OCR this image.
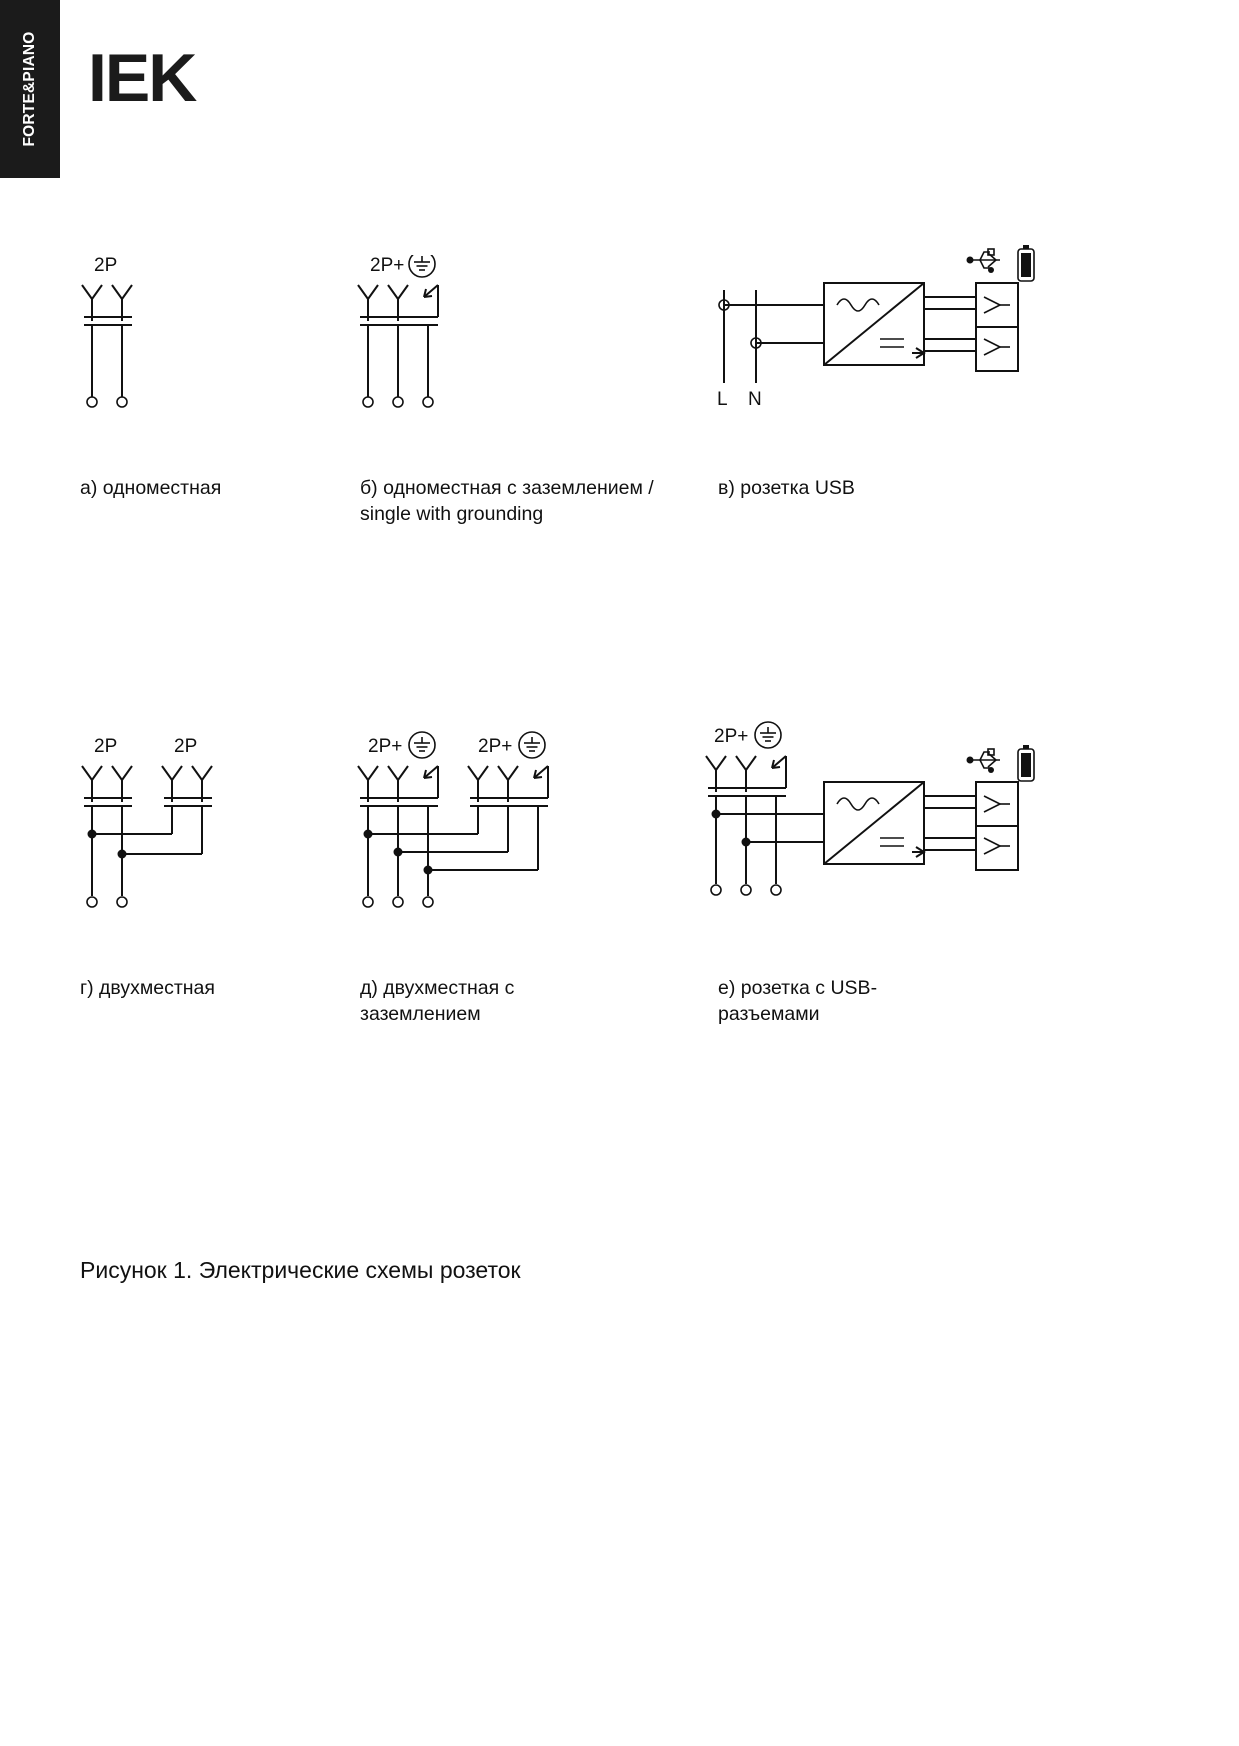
FORTE&PIANO IEK
2P
а) одноместная
2P+
б) одноместная с заземлением /
single with grounding
L N
в) розетка USB
2P	2P
г) двухместная
2P+	2P+
д) двухместная с
заземлением
2P+
е) розетка с USB-
разъемами
Рисунок 1. Электрические схемы розеток
